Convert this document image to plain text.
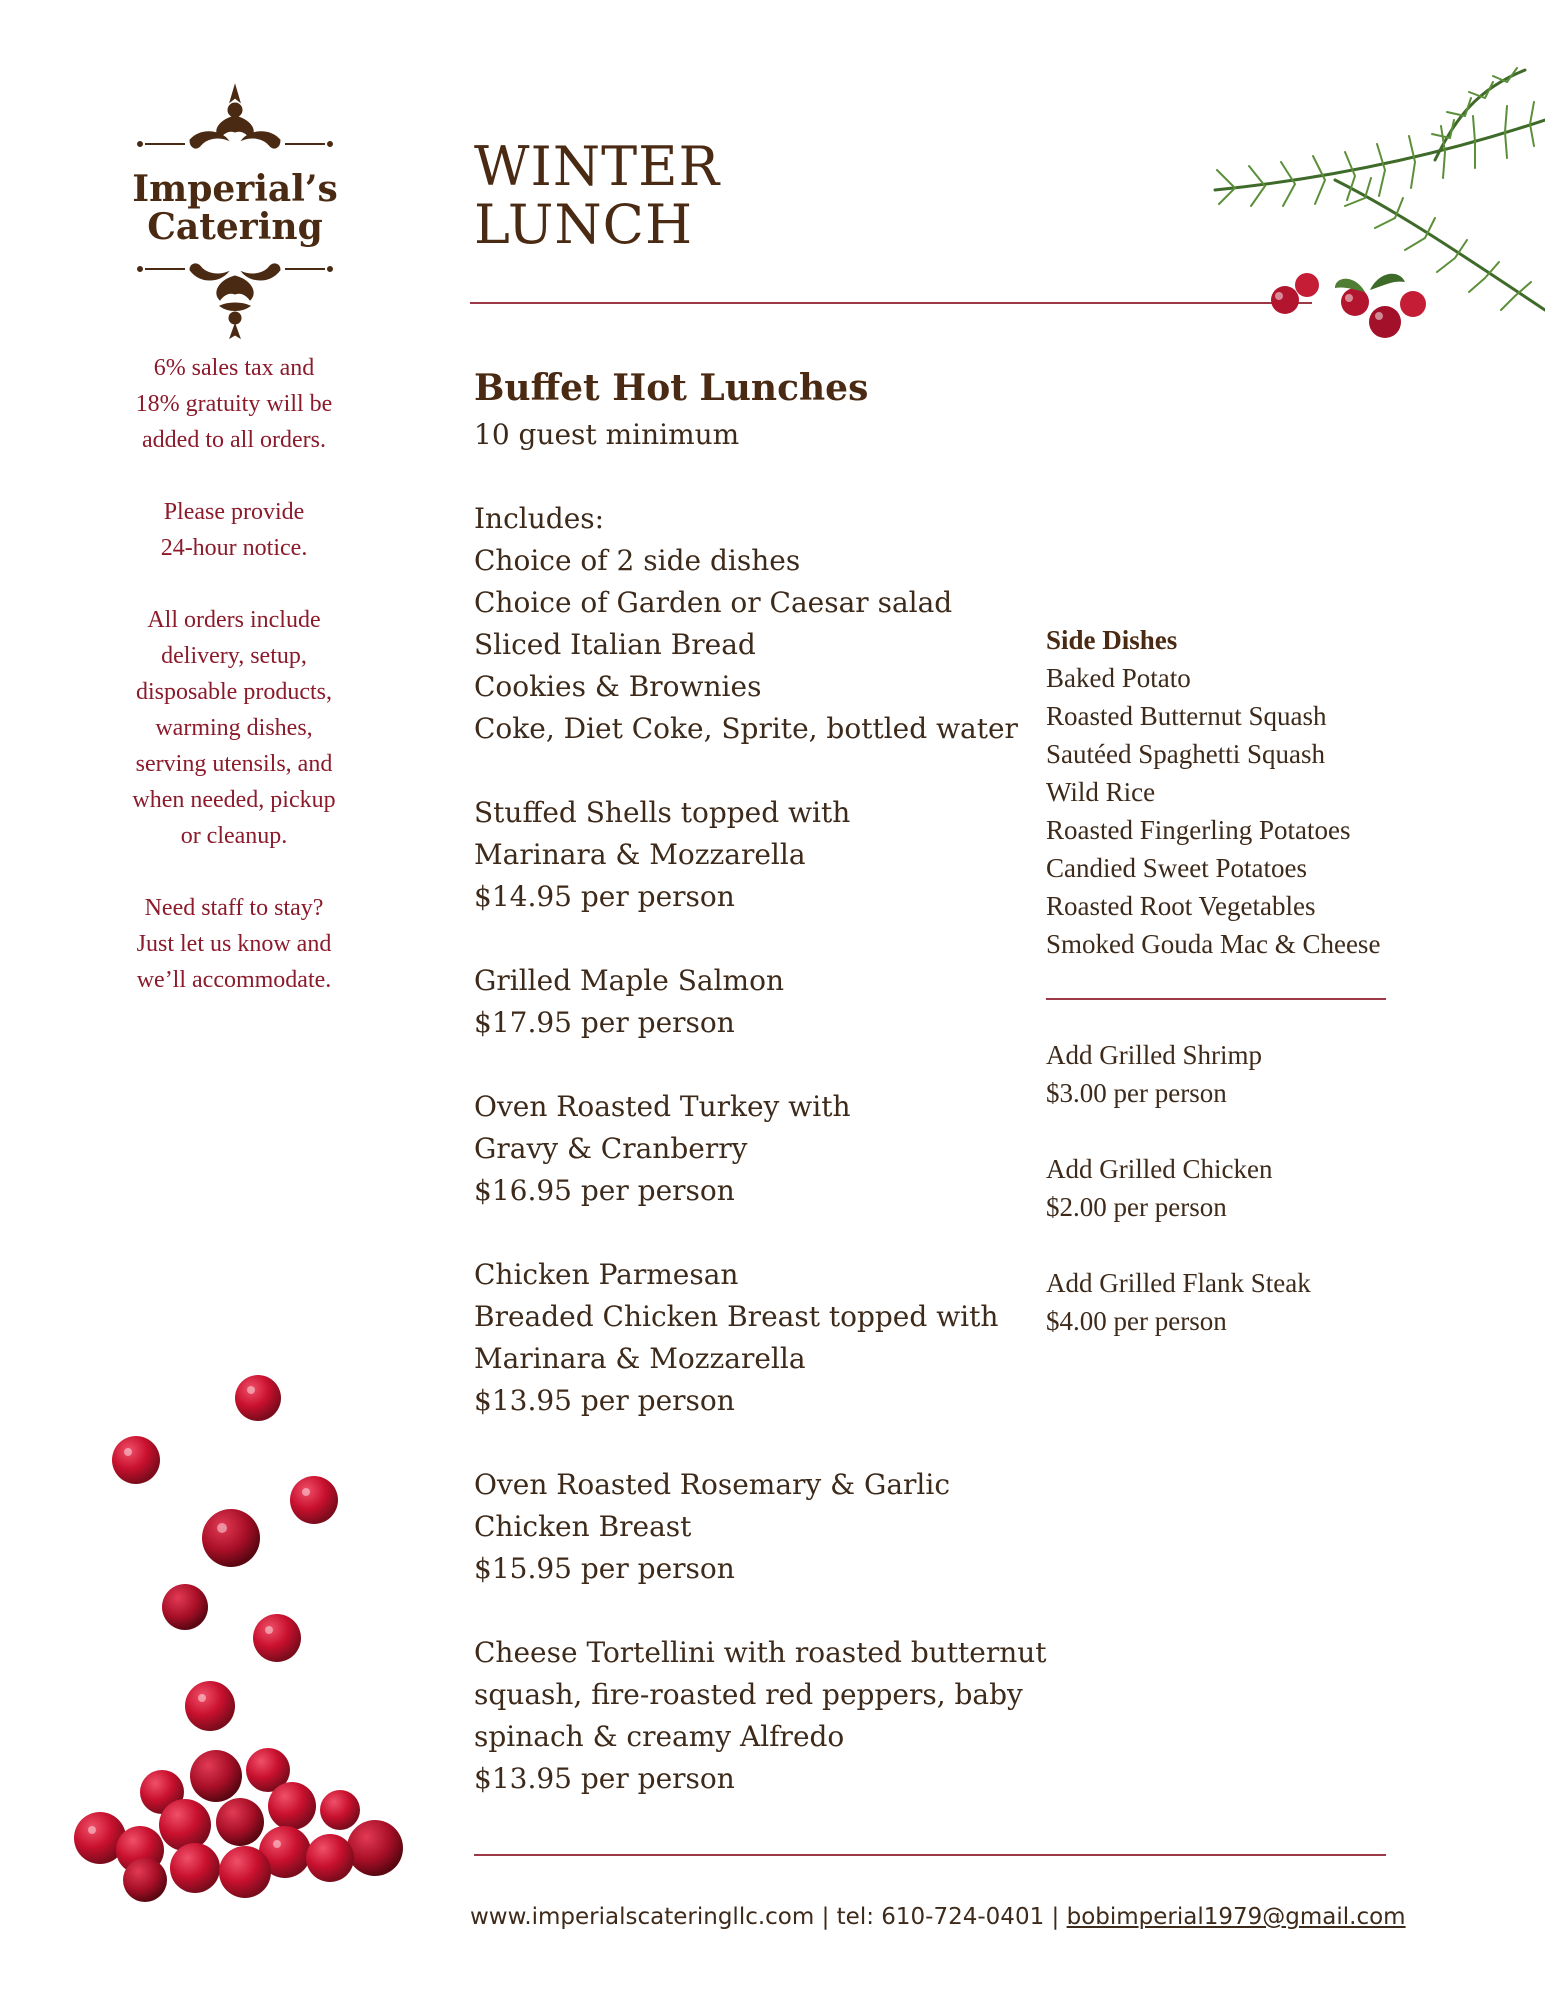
Imperial’s
Catering

6% sales tax and
18% gratuity will be
added to all orders.

Please provide
24-hour notice.

All orders include
delivery, setup,
disposable products,
warming dishes,
serving utensils, and
when needed, pickup
or cleanup.

Need staff to stay?
Just let us know and
we’ll accommodate.

WINTER
LUNCH
Buffet Hot Lunches
10 guest minimum
Includes:
Choice of 2 side dishes
Choice of Garden or Caesar salad
Sliced Italian Bread
Cookies & Brownies
Coke, Diet Coke, Sprite, bottled water
Stuffed Shells topped with
Marinara & Mozzarella
$14.95 per person
Grilled Maple Salmon
$17.95 per person
Oven Roasted Turkey with
Gravy & Cranberry
$16.95 per person
Chicken Parmesan
Breaded Chicken Breast topped with
Marinara & Mozzarella
$13.95 per person
Oven Roasted Rosemary & Garlic
Chicken Breast
$15.95 per person
Cheese Tortellini with roasted butternut
squash, fire-roasted red peppers, baby
spinach & creamy Alfredo
$13.95 per person
Side Dishes
Baked Potato
Roasted Butternut Squash
Sautéed Spaghetti Squash
Wild Rice
Roasted Fingerling Potatoes
Candied Sweet Potatoes
Roasted Root Vegetables
Smoked Gouda Mac & Cheese
Add Grilled Shrimp
$3.00 per person
Add Grilled Chicken
$2.00 per person
Add Grilled Flank Steak
$4.00 per person
www.imperialscateringllc.com | tel: 610-724-0401 | bobimperial1979@gmail.com
